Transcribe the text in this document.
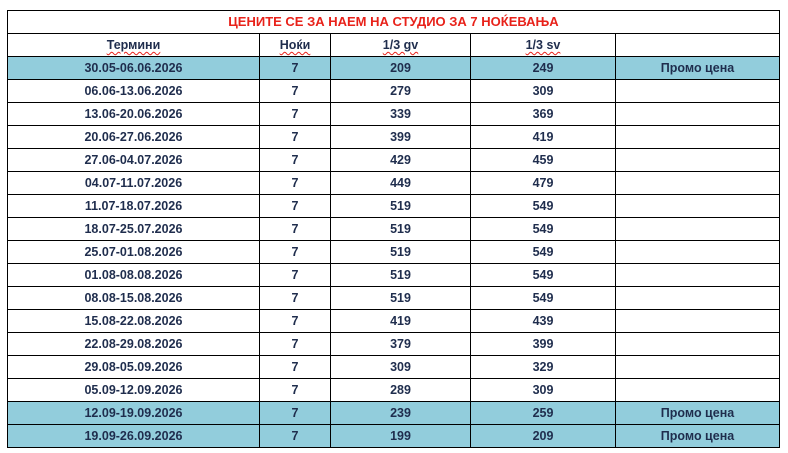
ЦЕНИТЕ СЕ ЗА НАЕМ НА СТУДИО ЗА 7 НОЌЕВАЊА				
Термини	Ноќи	1/3 gv	1/3 sv	
30.05-06.06.2026	7	209	249	Промо цена
06.06-13.06.2026	7	279	309	
13.06-20.06.2026	7	339	369	
20.06-27.06.2026	7	399	419	
27.06-04.07.2026	7	429	459	
04.07-11.07.2026	7	449	479	
11.07-18.07.2026	7	519	549	
18.07-25.07.2026	7	519	549	
25.07-01.08.2026	7	519	549	
01.08-08.08.2026	7	519	549	
08.08-15.08.2026	7	519	549	
15.08-22.08.2026	7	419	439	
22.08-29.08.2026	7	379	399	
29.08-05.09.2026	7	309	329	
05.09-12.09.2026	7	289	309	
12.09-19.09.2026	7	239	259	Промо цена
19.09-26.09.2026	7	199	209	Промо цена
